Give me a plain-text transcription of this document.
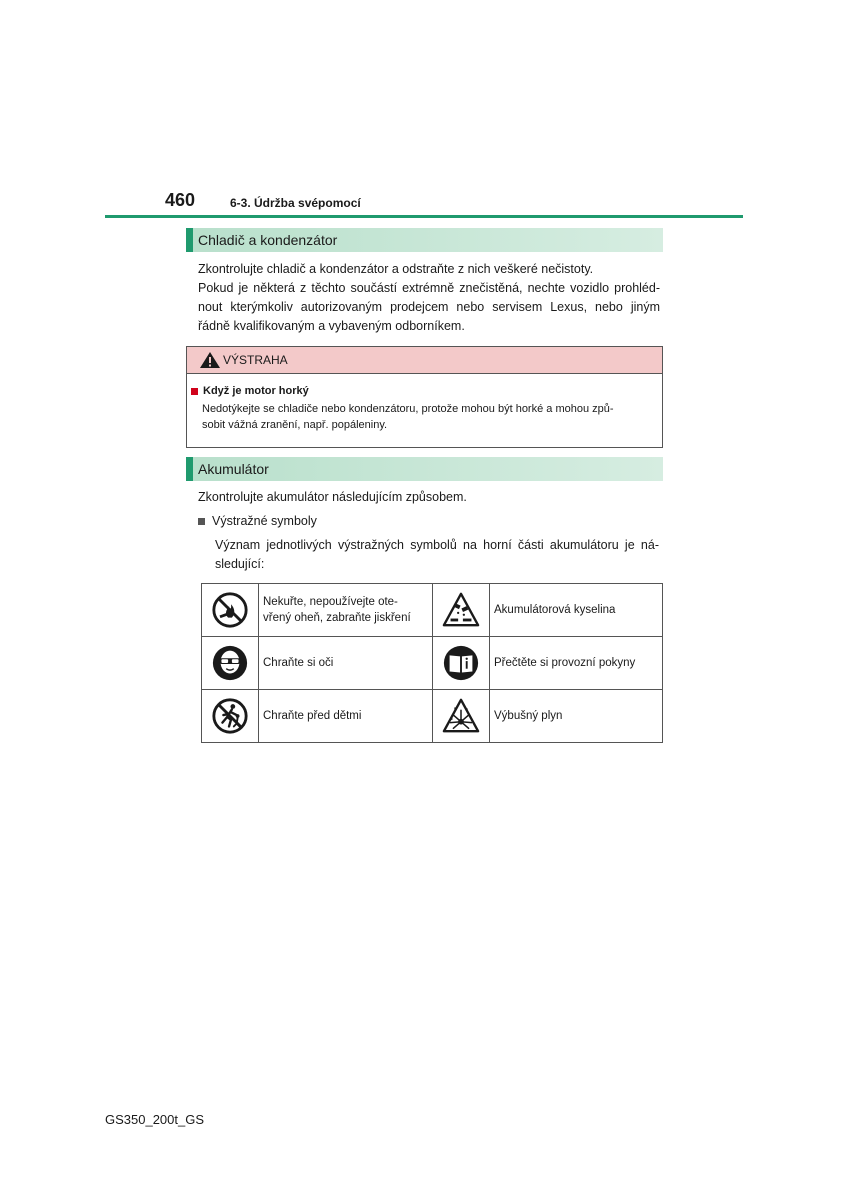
460	6-3. Údržba svépomocí
Chladič a kondenzátor
Zkontrolujte chladič a kondenzátor a odstraňte z nich veškeré nečistoty.
Pokud je některá z těchto součástí extrémně znečistěná, nechte vozidlo prohléd-
nout kterýmkoliv autorizovaným prodejcem nebo servisem Lexus, nebo jiným
řádně kvalifikovaným a vybaveným odborníkem.
VÝSTRAHA
Když je motor horký
Nedotýkejte se chladiče nebo kondenzátoru, protože mohou být horké a mohou způ-
sobit vážná zranění, např. popáleniny.
Akumulátor
Zkontrolujte akumulátor následujícím způsobem.
Výstražné symboly
Význam jednotlivých výstražných symbolů na horní části akumulátoru je ná-
sledující:

Nekuřte, nepoužívejte ote-
vřený oheň, zabraňte jiskření		Akumulátorová kyselina

Chraňte si oči		Přečtěte si provozní pokyny

Chraňte před dětmi		Výbušný plyn
GS350_200t_GS
